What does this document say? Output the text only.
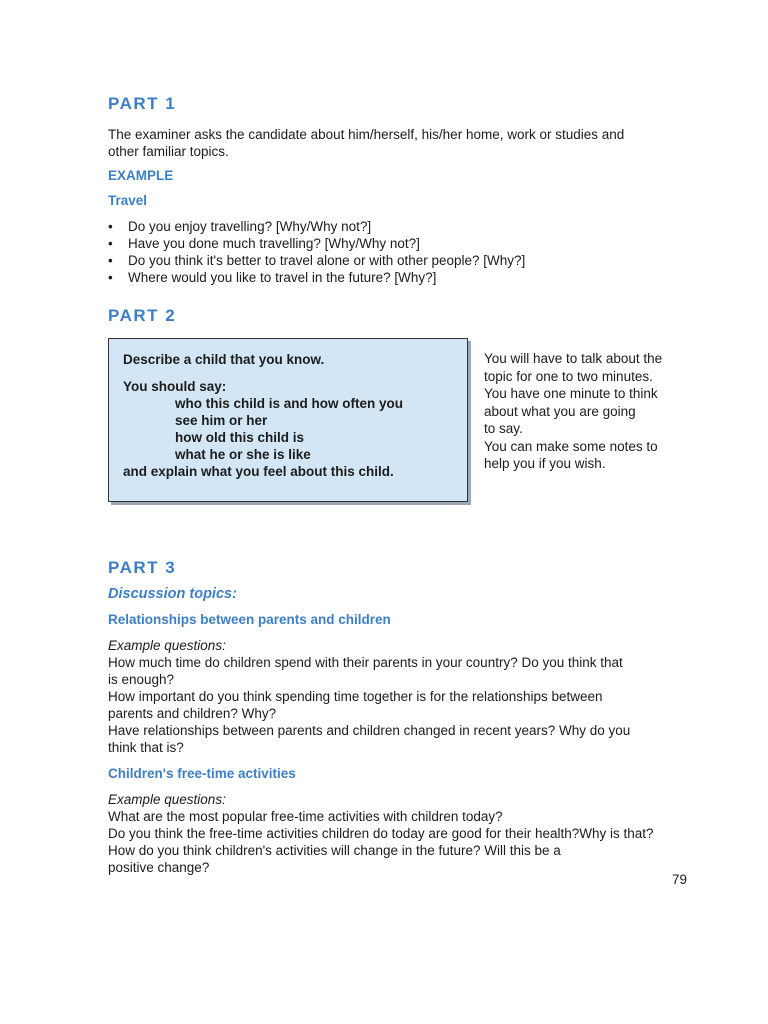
PART 1

The examiner asks the candidate about him/herself, his/her home, work or studies and

other familiar topics.

EXAMPLE

Travel

• Do you enjoy travelling? [Why/Why not?]
• Have you done much travelling? [Why/Why not?]
• Do you think it's better to travel alone or with other people? [Why?]
• Where would you like to travel in the future? [Why?]
PART 2
Describe a child that you know.
You should say:
who this child is and how often you
see him or her
how old this child is
what he or she is like
and explain what you feel about this child.
You will have to talk about the
topic for one to two minutes.
You have one minute to think
about what you are going
to say.
You can make some notes to
help you if you wish.
PART 3

Discussion topics:

Relationships between parents and children

Example questions:

How much time do children spend with their parents in your country? Do you think that

is enough?

How important do you think spending time together is for the relationships between

parents and children? Why?

Have relationships between parents and children changed in recent years? Why do you

think that is?

Children's free-time activities

Example questions:

What are the most popular free-time activities with children today?

Do you think the free-time activities children do today are good for their health?Why is that?

How do you think children's activities will change in the future? Will this be a

positive change?

79
